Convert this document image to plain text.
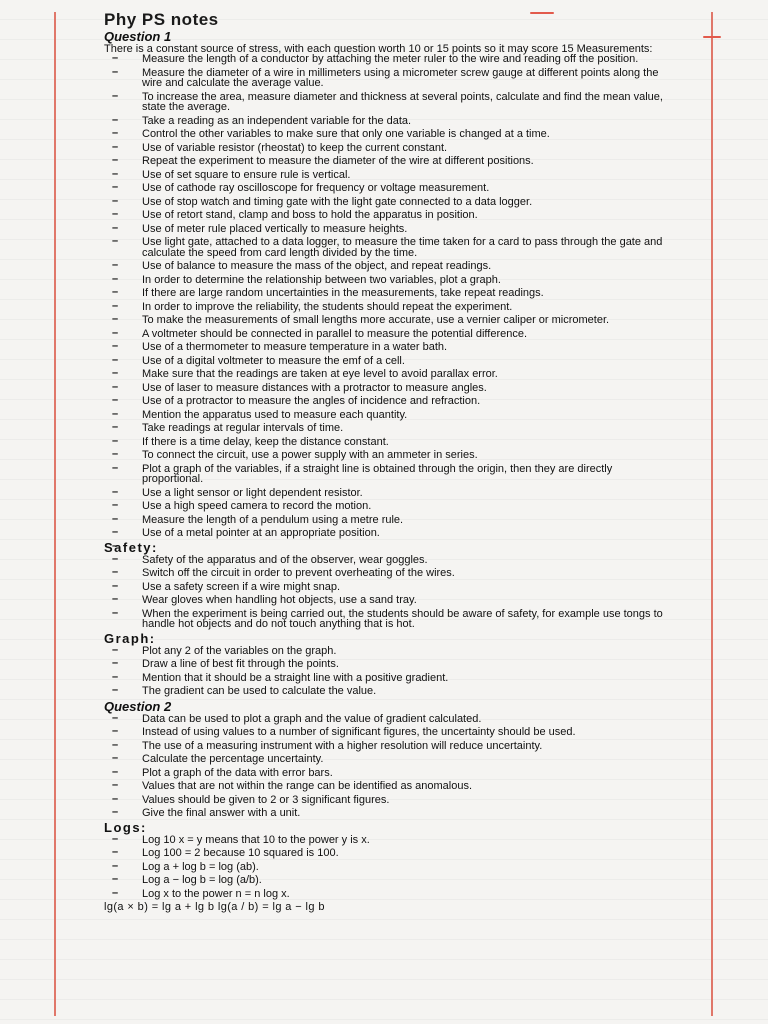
Phy PS notes
Question 1
There is a constant source of stress, with each question worth 10 or 15 points so it may score 15 Measurements:
– Measure the length of a conductor by attaching the meter ruler to the wire and reading off the position.
– Measure the diameter of a wire in millimeters using a micrometer screw gauge at different points along the wire and calculate the average value.
– To increase the area, measure diameter and thickness at several points, calculate and find the mean value, state the average.
– Take a reading as an independent variable for the data.
– Control the other variables to make sure that only one variable is changed at a time.
– Use of variable resistor (rheostat) to keep the current constant.
– Repeat the experiment to measure the diameter of the wire at different positions.
– Use of set square to ensure rule is vertical.
– Use of cathode ray oscilloscope for frequency or voltage measurement.
– Use of stop watch and timing gate with the light gate connected to a data logger.
– Use of retort stand, clamp and boss to hold the apparatus in position.
– Use of meter rule placed vertically to measure heights.
– Use light gate, attached to a data logger, to measure the time taken for a card to pass through the gate and calculate the speed from card length divided by the time.
– Use of balance to measure the mass of the object, and repeat readings.
– In order to determine the relationship between two variables, plot a graph.
– If there are large random uncertainties in the measurements, take repeat readings.
– In order to improve the reliability, the students should repeat the experiment.
– To make the measurements of small lengths more accurate, use a vernier caliper or micrometer.
– A voltmeter should be connected in parallel to measure the potential difference.
– Use of a thermometer to measure temperature in a water bath.
– Use of a digital voltmeter to measure the emf of a cell.
– Make sure that the readings are taken at eye level to avoid parallax error.
– Use of laser to measure distances with a protractor to measure angles.
– Use of a protractor to measure the angles of incidence and refraction.
– Mention the apparatus used to measure each quantity.
– Take readings at regular intervals of time.
– If there is a time delay, keep the distance constant.
– To connect the circuit, use a power supply with an ammeter in series.
– Plot a graph of the variables, if a straight line is obtained through the origin, then they are directly proportional.
– Use a light sensor or light dependent resistor.
– Use a high speed camera to record the motion.
– Measure the length of a pendulum using a metre rule.
– Use of a metal pointer at an appropriate position.
Safety:
– Safety of the apparatus and of the observer, wear goggles.
– Switch off the circuit in order to prevent overheating of the wires.
– Use a safety screen if a wire might snap.
– Wear gloves when handling hot objects, use a sand tray.
– When the experiment is being carried out, the students should be aware of safety, for example use tongs to handle hot objects and do not touch anything that is hot.
Graph:
– Plot any 2 of the variables on the graph.
– Draw a line of best fit through the points.
– Mention that it should be a straight line with a positive gradient.
– The gradient can be used to calculate the value.
Question 2
– Data can be used to plot a graph and the value of gradient calculated.
– Instead of using values to a number of significant figures, the uncertainty should be used.
– The use of a measuring instrument with a higher resolution will reduce uncertainty.
– Calculate the percentage uncertainty.
– Plot a graph of the data with error bars.
– Values that are not within the range can be identified as anomalous.
– Values should be given to 2 or 3 significant figures.
– Give the final answer with a unit.
Logs:
– Log 10 x = y means that 10 to the power y is x.
– Log 100 = 2 because 10 squared is 100.
– Log a + log b = log (ab).
– Log a − log b = log (a/b).
– Log x to the power n = n log x.
lg(a × b) = lg a + lg b lg(a / b) = lg a − lg b
